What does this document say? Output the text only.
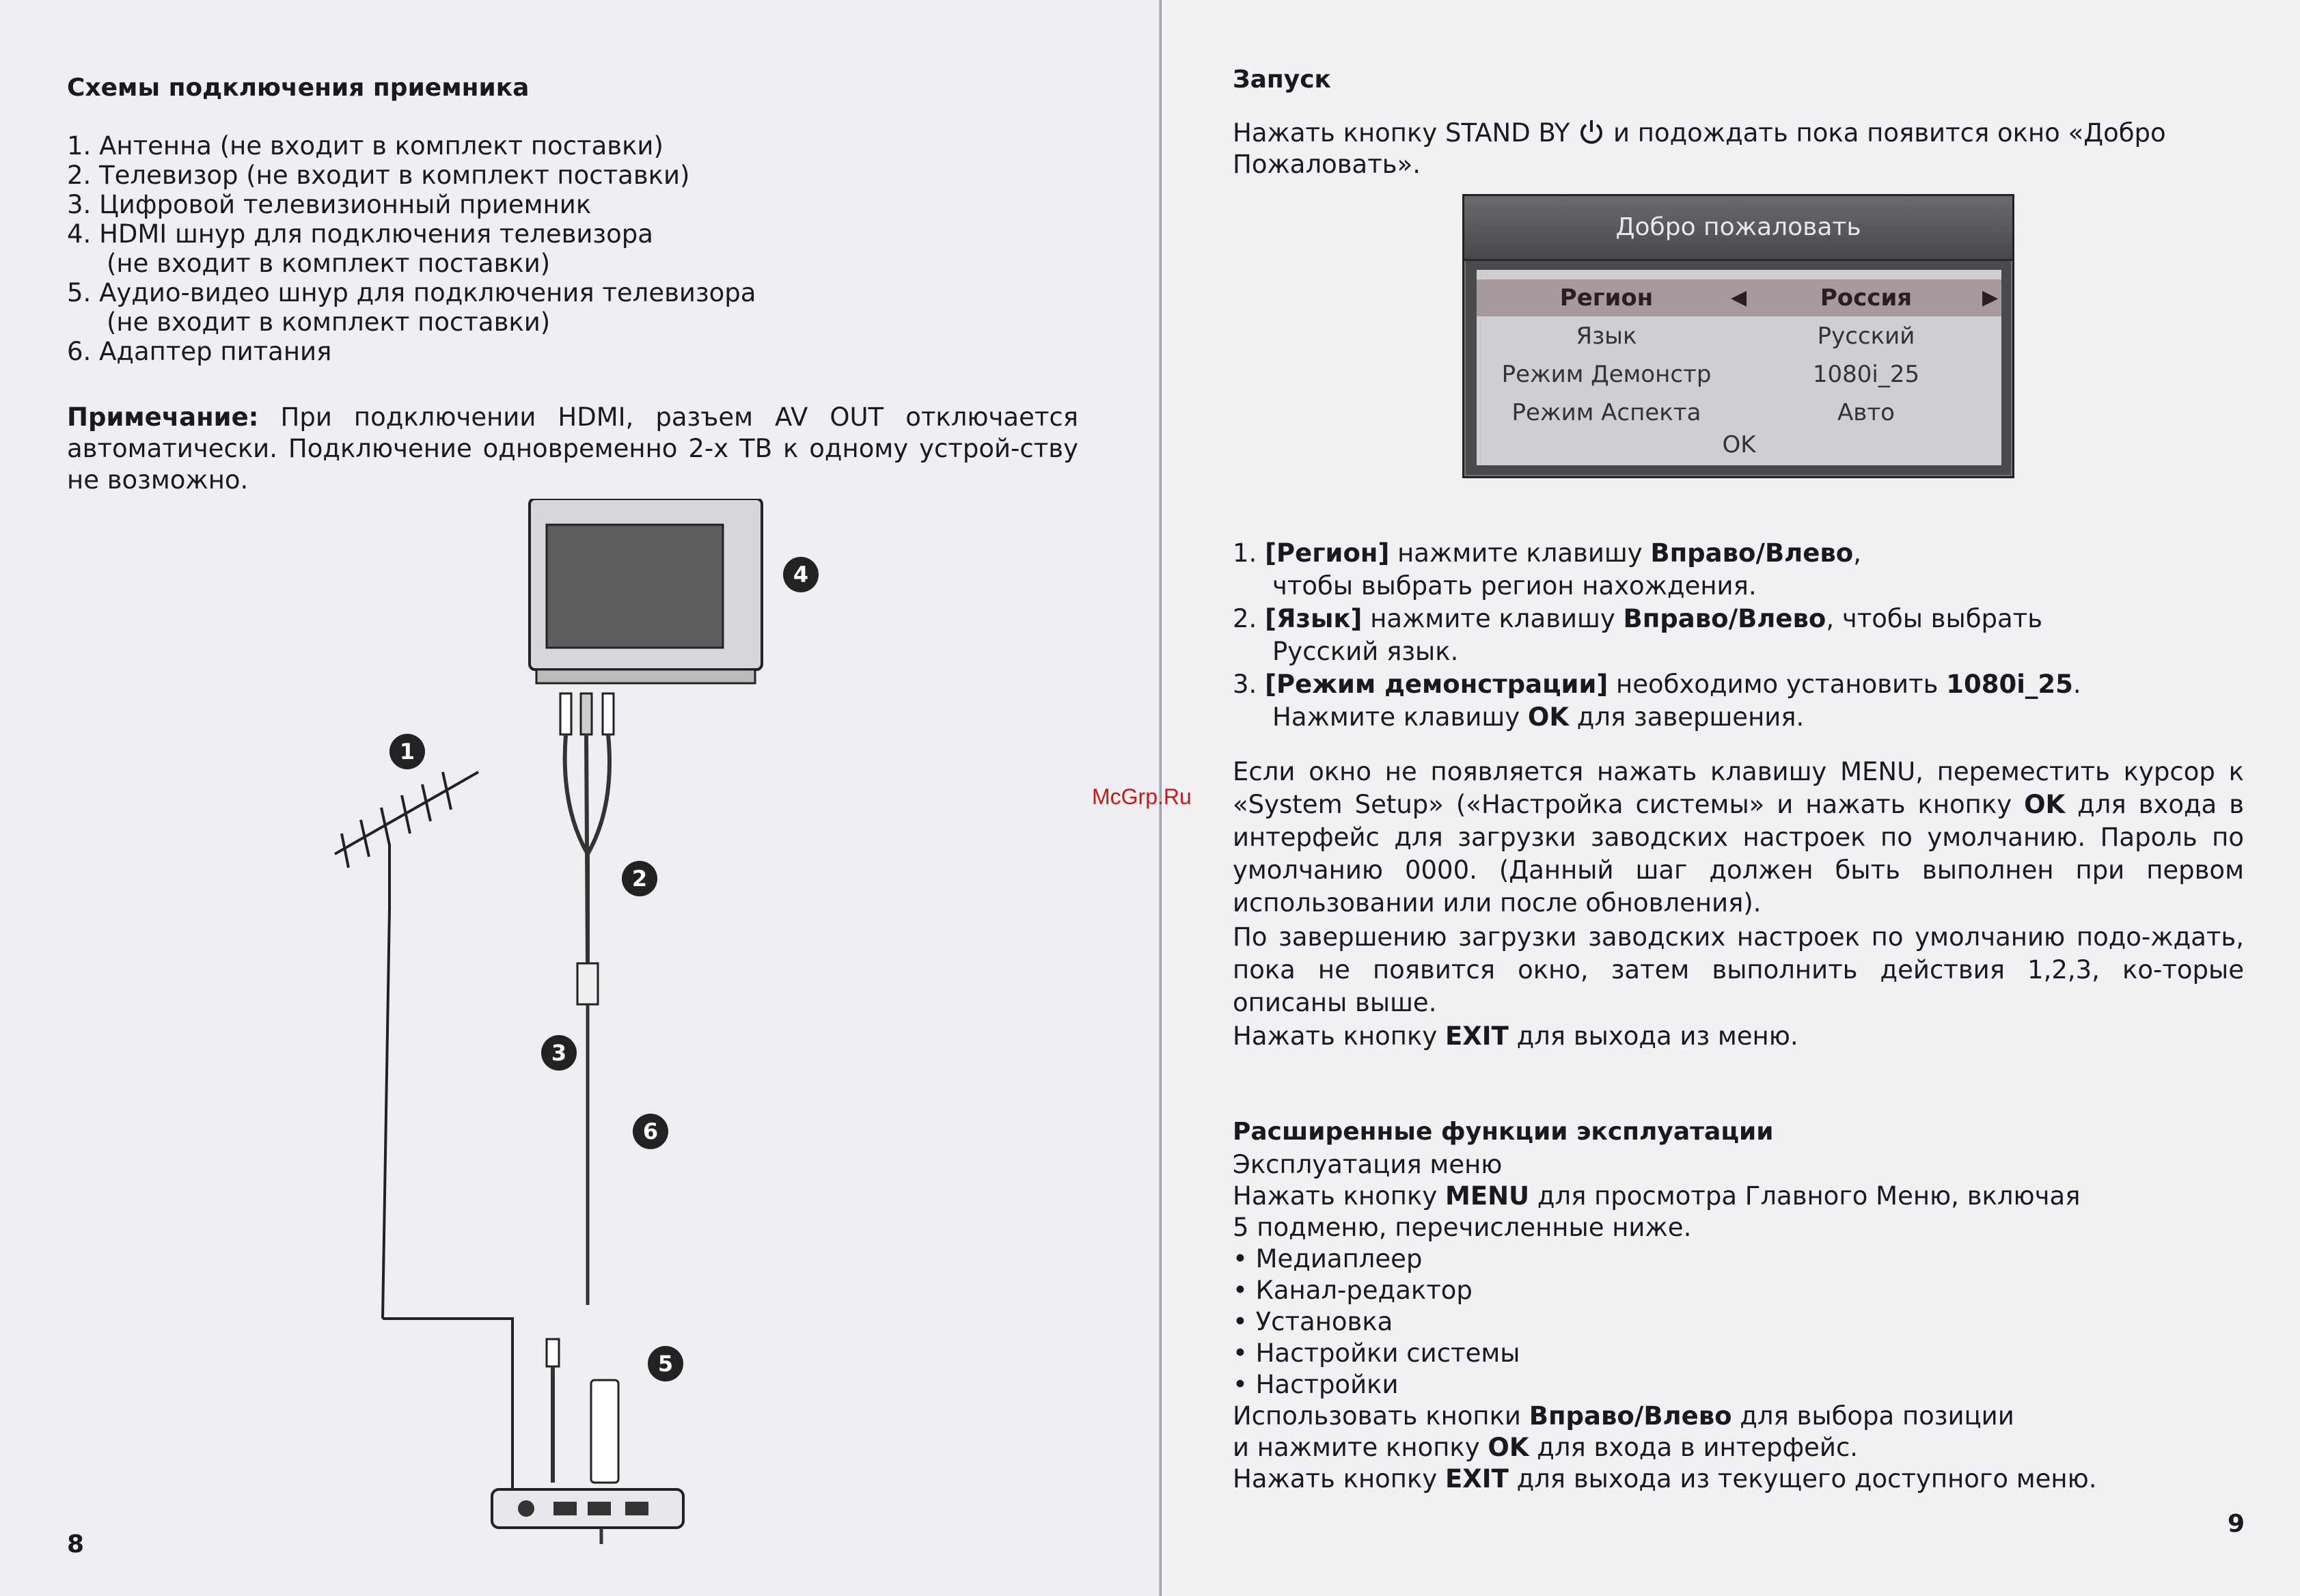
Схемы подключения приемника
1. Антенна (не входит в комплект поставки)
2. Телевизор (не входит в комплект поставки)
3. Цифровой телевизионный приемник
4. HDMI шнур для подключения телевизора
(не входит в комплект поставки)
5. Аудио-видео шнур для подключения телевизора
(не входит в комплект поставки)
6. Адаптер питания
Примечание: При подключении HDMI, разъем AV OUT отключается автоматически. Подключение одновременно 2-х ТВ к одному устрой-ству не возможно.
4
1
2
3
6
5
8
Запуск
Нажать кнопку STAND BY  и подождать пока появится окно «Добро Пожаловать».
Добро пожаловать
Регион	◀	Россия	▶
Язык	Русский
Режим Демонстр	1080i_25
Режим Аспекта	Авто
OK
1. [Регион] нажмите клавишу Вправо/Влево,
чтобы выбрать регион нахождения.
2. [Язык] нажмите клавишу Вправо/Влево, чтобы выбрать
Русский язык.
3. [Режим демонстрации] необходимо установить 1080i_25.
Нажмите клавишу OK для завершения.
Если окно не появляется нажать клавишу MENU, переместить курсор к «System Setup» («Настройка системы» и нажать кнопку OK для входа в интерфейс для загрузки заводских настроек по умолчанию. Пароль по умолчанию 0000. (Данный шаг должен быть выполнен при первом использовании или после обновления).
По завершению загрузки заводских настроек по умолчанию подо-ждать, пока не появится окно, затем выполнить действия 1,2,3, ко-торые описаны выше.
Нажать кнопку EXIT для выхода из меню.
Расширенные функции эксплуатации
Эксплуатация меню
Нажать кнопку MENU для просмотра Главного Меню, включая
5 подменю, перечисленные ниже.
• Медиаплеер
• Канал-редактор
• Установка
• Настройки системы
• Настройки
Использовать кнопки Вправо/Влево для выбора позиции
и нажмите кнопку OK для входа в интерфейс.
Нажать кнопку EXIT для выхода из текущего доступного меню.
9
McGrp.Ru
